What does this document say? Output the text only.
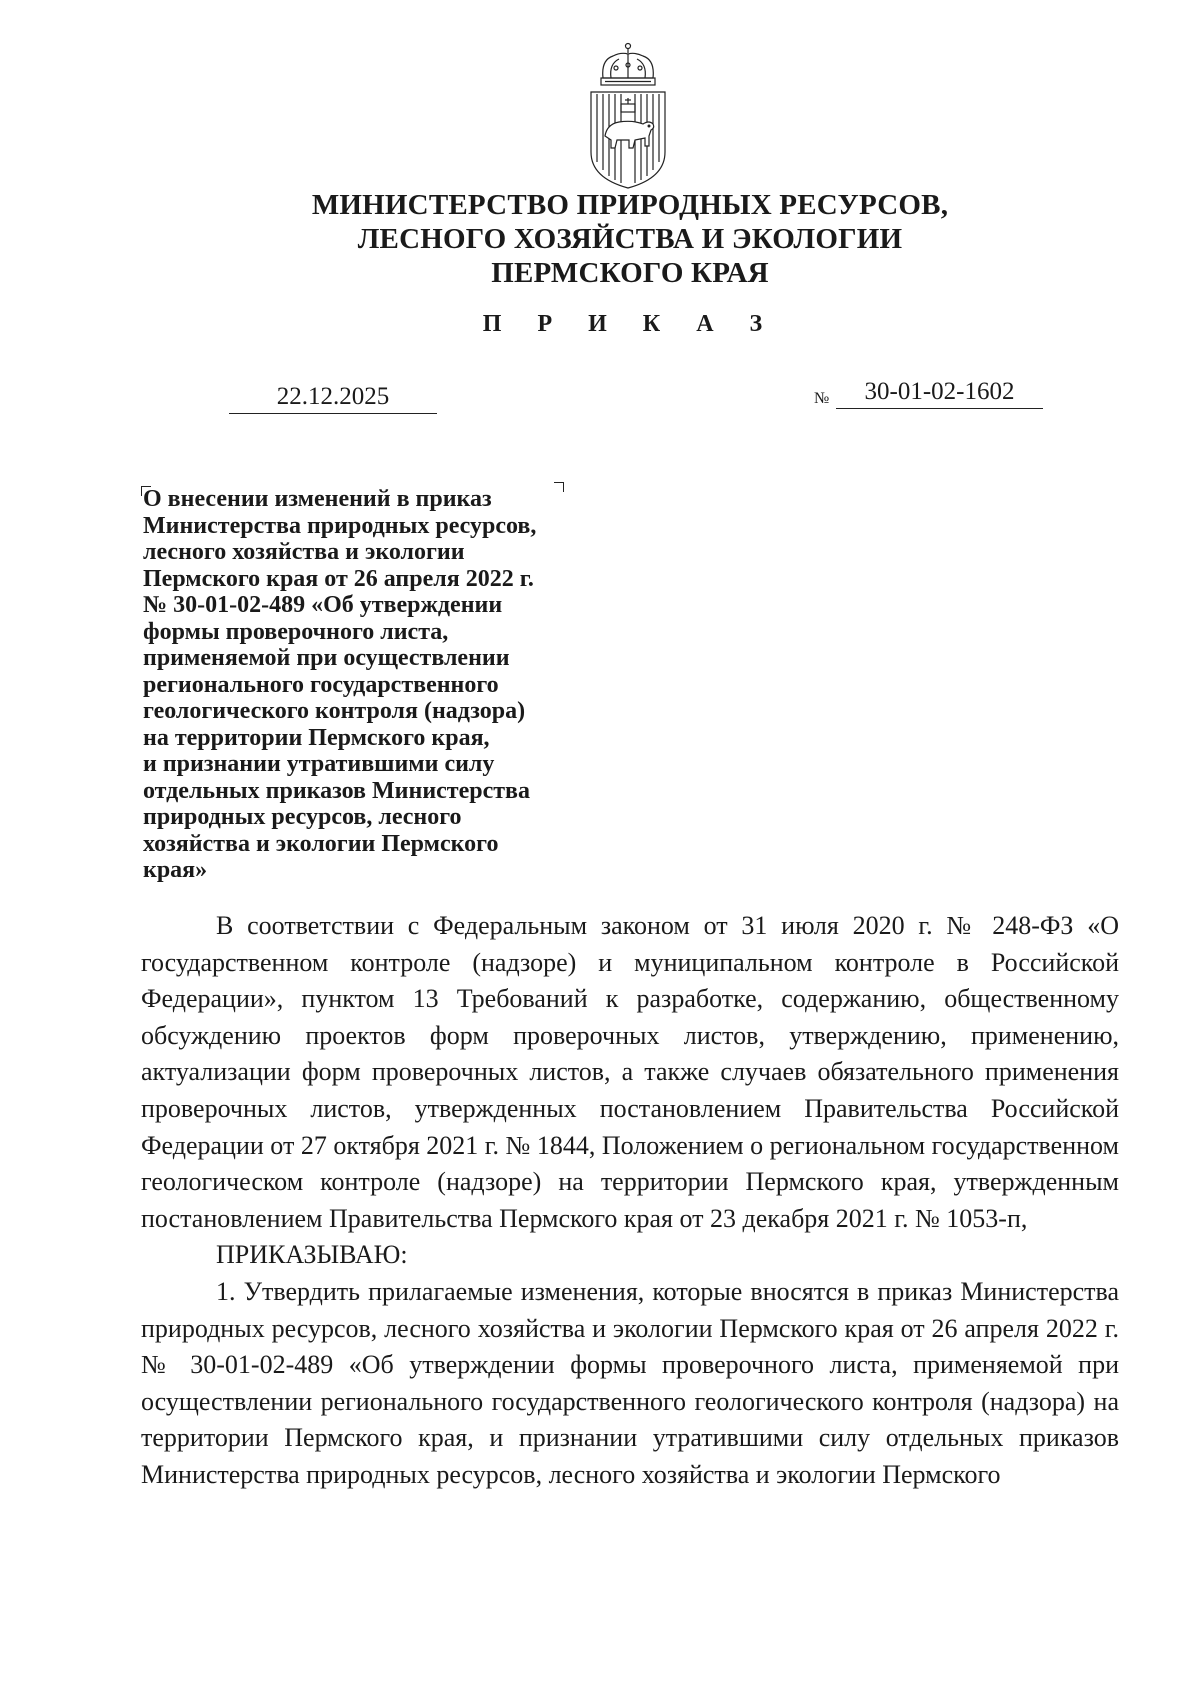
МИНИСТЕРСТВО ПРИРОДНЫХ РЕСУРСОВ,
ЛЕСНОГО ХОЗЯЙСТВА И ЭКОЛОГИИ
ПЕРМСКОГО КРАЯ
П Р И К А З
22.12.2025	№	30-01-02-1602
О внесении изменений в приказ
Министерства природных ресурсов,
лесного хозяйства и экологии
Пермского края от 26 апреля 2022 г.
№ 30-01-02-489 «Об утверждении
формы проверочного листа,
применяемой при осуществлении
регионального государственного
геологического контроля (надзора)
на территории Пермского края,
и признании утратившими силу
отдельных приказов Министерства
природных ресурсов, лесного
хозяйства и экологии Пермского
края»

В соответствии с Федеральным законом от 31 июля 2020 г. № 248-ФЗ «О государственном контроле (надзоре) и муниципальном контроле в Российской Федерации», пунктом 13 Требований к разработке, содержанию, общественному обсуждению проектов форм проверочных листов, утверждению, применению, актуализации форм проверочных листов, а также случаев обязательного применения проверочных листов, утвержденных постановлением Правительства Российской Федерации от 27 октября 2021 г. № 1844, Положением о региональном государственном геологическом контроле (надзоре) на территории Пермского края, утвержденным постановлением Правительства Пермского края от 23 декабря 2021 г. № 1053-п,

ПРИКАЗЫВАЮ:

1. Утвердить прилагаемые изменения, которые вносятся в приказ Министерства природных ресурсов, лесного хозяйства и экологии Пермского края от 26 апреля 2022 г. № 30-01-02-489 «Об утверждении формы проверочного листа, применяемой при осуществлении регионального государственного геологического контроля (надзора) на территории Пермского края, и признании утратившими силу отдельных приказов Министерства природных ресурсов, лесного хозяйства и экологии Пермского
